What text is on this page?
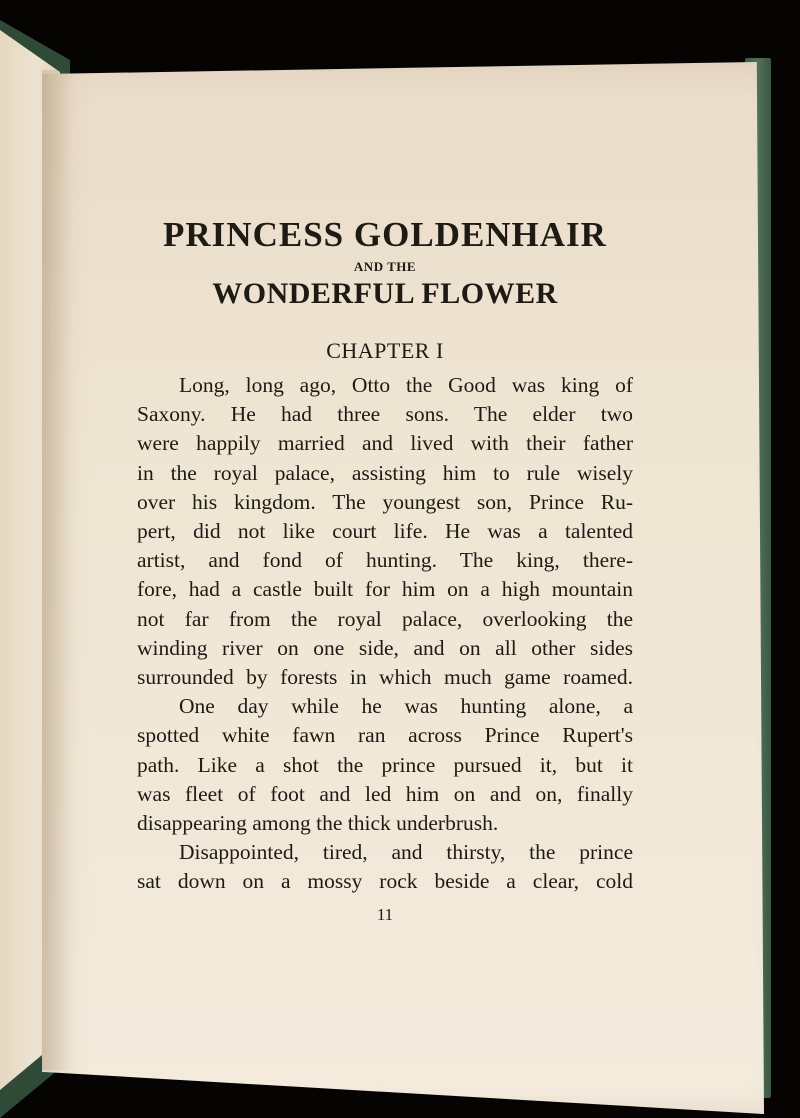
PRINCESS GOLDENHAIR
AND THE
WONDERFUL FLOWER
CHAPTER I
Long, long ago, Otto the Good was king of
Saxony. He had three sons. The elder two
were happily married and lived with their father
in the royal palace, assisting him to rule wisely
over his kingdom. The youngest son, Prince Ru-
pert, did not like court life. He was a talented
artist, and fond of hunting. The king, there-
fore, had a castle built for him on a high mountain
not far from the royal palace, overlooking the
winding river on one side, and on all other sides
surrounded by forests in which much game roamed.
One day while he was hunting alone, a
spotted white fawn ran across Prince Rupert's
path. Like a shot the prince pursued it, but it
was fleet of foot and led him on and on, finally
disappearing among the thick underbrush.
Disappointed, tired, and thirsty, the prince
sat down on a mossy rock beside a clear, cold
11
